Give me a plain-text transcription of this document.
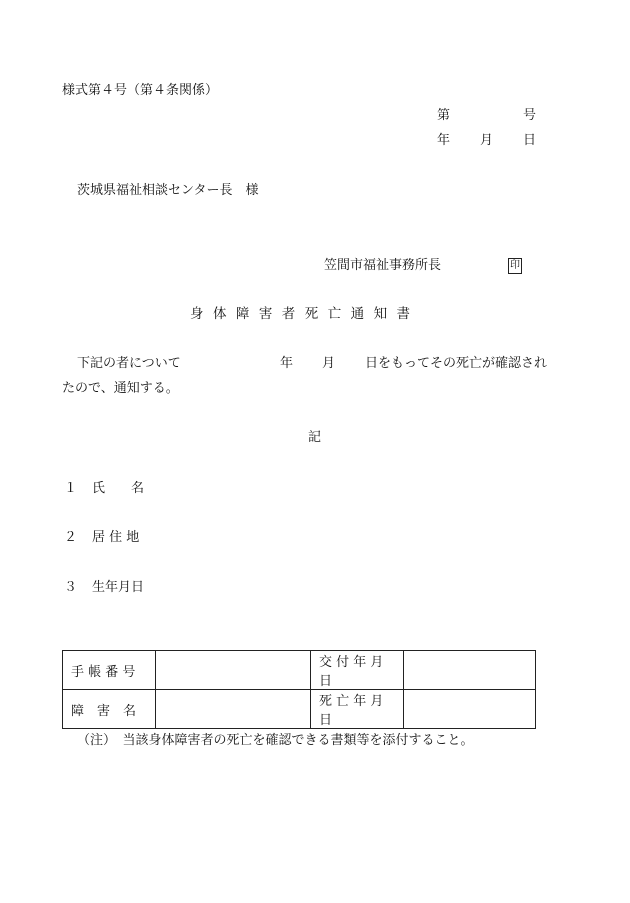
様式第４号（第４条関係）
第	号
年 月 日
茨城県福祉相談センター長　様
笠間市福祉事務所長	印
身体障害者死亡通知書
下記の者について	年 月 日をもってその死亡が確認され
たので、通知する。
記
１ 氏　　名
２ 居 住 地
３ 生年月日
手 帳 番 号		交 付 年 月 日	
障　害　名		死 亡 年 月 日	
（注）　当該身体障害者の死亡を確認できる書類等を添付すること。
